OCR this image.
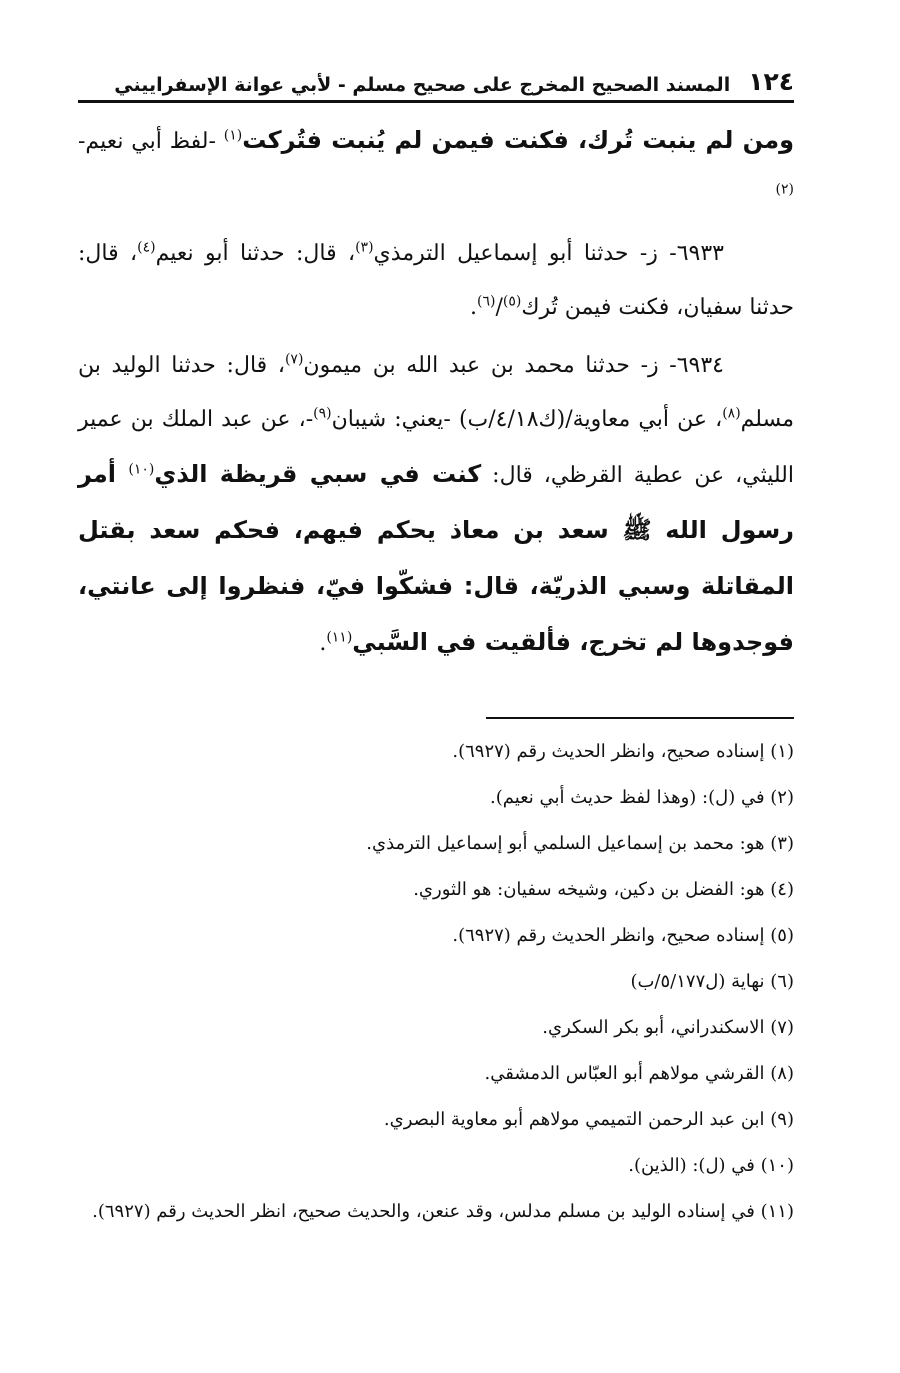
١٢٤
المسند الصحيح المخرج على صحيح مسلم - لأبي عوانة الإسفراييني

ومن لم ينبت تُرك، فكنت فيمن لم يُنبت فتُركت$^{(١)}$ -لفظ أبي نعيم-$^{(٢)}$

٦٩٣٣- ز- حدثنا أبو إسماعيل الترمذي$^{(٣)}$، قال: حدثنا أبو نعيم$^{(٤)}$، قال: حدثنا سفيان، فكنت فيمن تُرك$^{(٥)}$/$^{(٦)}$.

٦٩٣٤- ز- حدثنا محمد بن عبد الله بن ميمون$^{(٧)}$، قال: حدثنا الوليد بن مسلم$^{(٨)}$، عن أبي معاوية/(ك٤/١٨/ب) -يعني: شيبان$^{(٩)}$-، عن عبد الملك بن عمير الليثي، عن عطية القرظي، قال: كنت في سبي قريظة الذي$^{(١٠)}$ أمر رسول الله ﷺ سعد بن معاذ يحكم فيهم، فحكم سعد بقتل المقاتلة وسبي الذريّة، قال: فشكّوا فيّ، فنظروا إلى عانتي، فوجدوها لم تخرج، فألقيت في السَّبي$^{(١١)}$.

(١) إسناده صحيح، وانظر الحديث رقم (٦٩٢٧).
(٢) في (ل): (وهذا لفظ حديث أبي نعيم).
(٣) هو: محمد بن إسماعيل السلمي أبو إسماعيل الترمذي.
(٤) هو: الفضل بن دكين، وشيخه سفيان: هو الثوري.
(٥) إسناده صحيح، وانظر الحديث رقم (٦٩٢٧).
(٦) نهاية (ل٥/١٧٧/ب)
(٧) الاسكندراني، أبو بكر السكري.
(٨) القرشي مولاهم أبو العبّاس الدمشقي.
(٩) ابن عبد الرحمن التميمي مولاهم أبو معاوية البصري.
(١٠) في (ل): (الذين).
(١١) في إسناده الوليد بن مسلم مدلس، وقد عنعن، والحديث صحيح، انظر الحديث رقم (٦٩٢٧).
